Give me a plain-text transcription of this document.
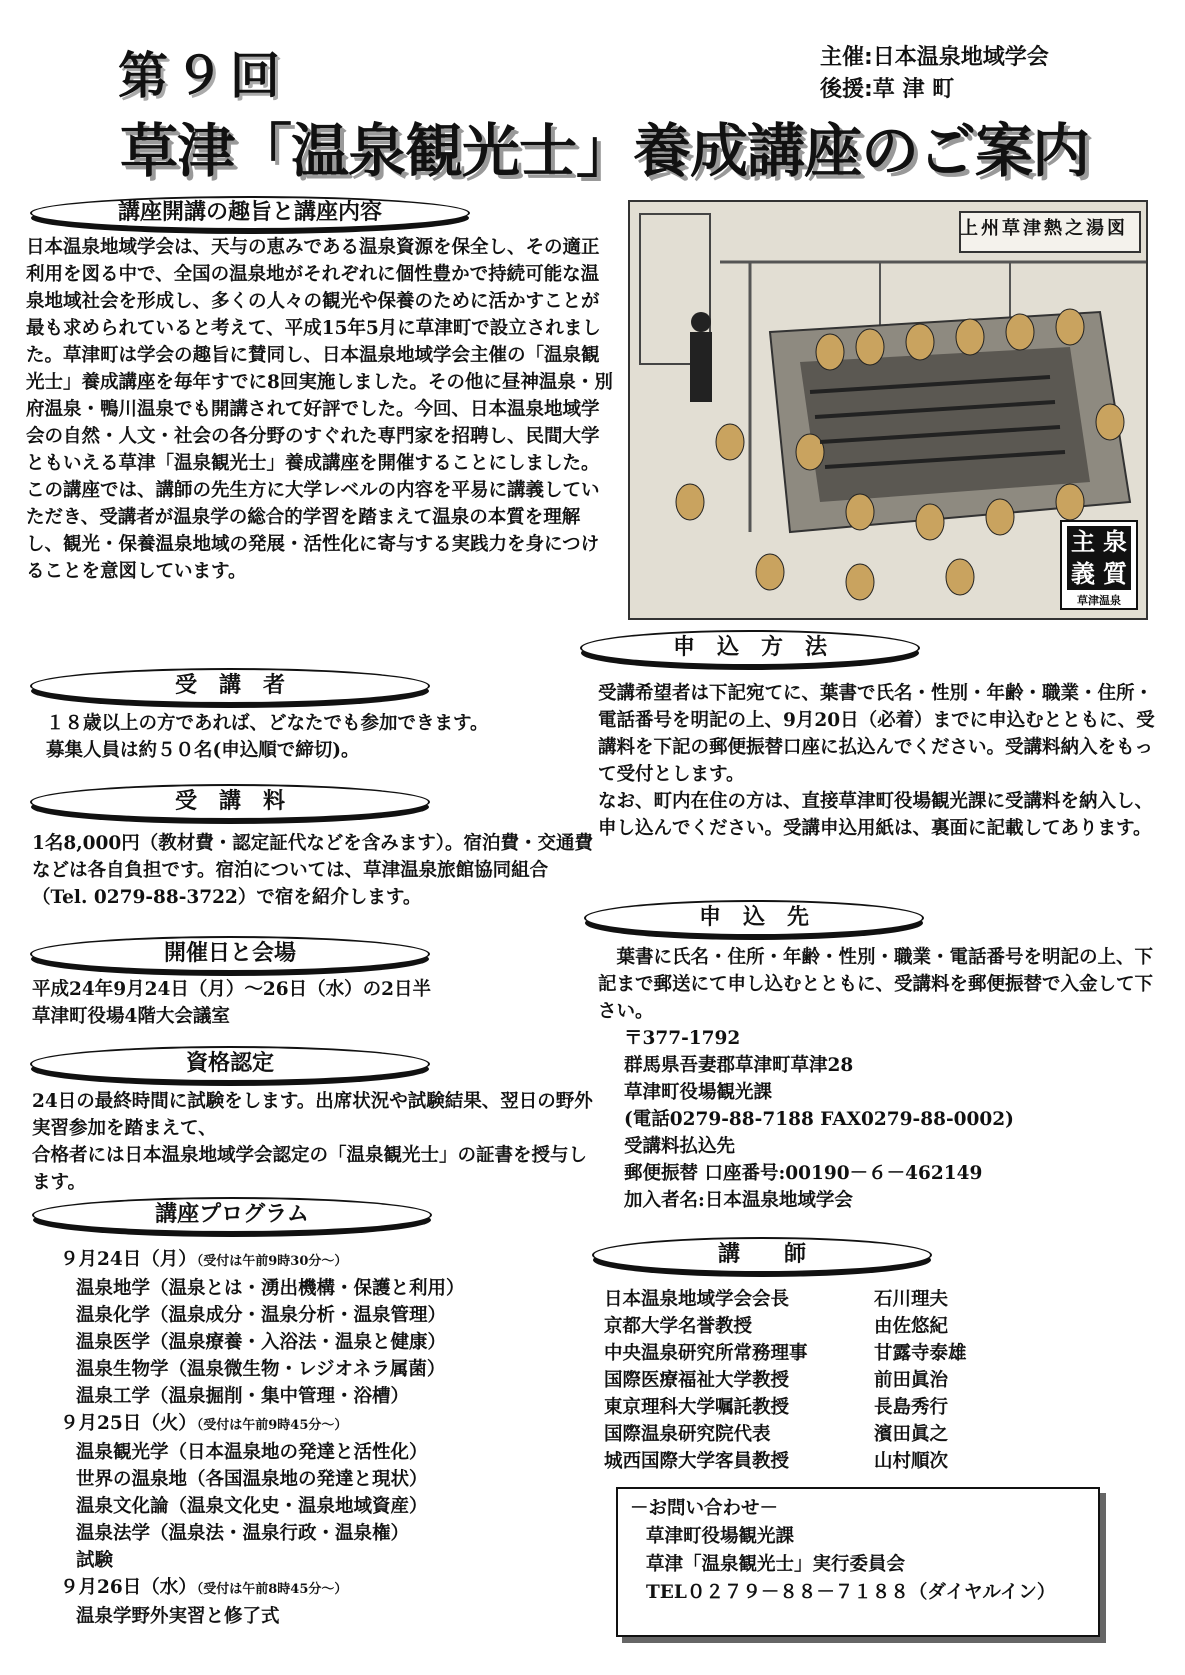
第９回
草津「温泉観光士」養成講座のご案内
主催:日本温泉地域学会
後援:草 津 町
講座開講の趣旨と講座内容
日本温泉地域学会は、天与の恵みである温泉資源を保全し、その適正利用を図る中で、全国の温泉地がそれぞれに個性豊かで持続可能な温泉地域社会を形成し、多くの人々の観光や保養のために活かすことが最も求められていると考えて、平成15年5月に草津町で設立されました。草津町は学会の趣旨に賛同し、日本温泉地域学会主催の「温泉観光士」養成講座を毎年すでに8回実施しました。その他に昼神温泉・別府温泉・鴨川温泉でも開講されて好評でした。今回、日本温泉地域学会の自然・人文・社会の各分野のすぐれた専門家を招聘し、民間大学ともいえる草津「温泉観光士」養成講座を開催することにしました。この講座では、講師の先生方に大学レベルの内容を平易に講義していただき、受講者が温泉学の総合的学習を踏まえて温泉の本質を理解し、観光・保養温泉地域の発展・活性化に寄与する実践力を身につけることを意図しています。
主 泉
義 質
草津温泉
上州草津熱之湯図
受　講　者

１８歳以上の方であれば、どなたでも参加できます。

募集人員は約５０名(申込順で締切)。

受　講　料
1名8,000円（教材費・認定証代などを含みます）。宿泊費・交通費などは各自負担です。宿泊については、草津温泉旅館協同組合（Tel. 0279-88-3722）で宿を紹介します。
開催日と会場

平成24年9月24日（月）～26日（水）の2日半

草津町役場4階大会議室

資格認定

24日の最終時間に試験をします。出席状況や試験結果、翌日の野外実習参加を踏まえて、

合格者には日本温泉地域学会認定の「温泉観光士」の証書を授与します。

講座プログラム

９月24日（月）（受付は午前9時30分～）

温泉地学（温泉とは・湧出機構・保護と利用）

温泉化学（温泉成分・温泉分析・温泉管理）

温泉医学（温泉療養・入浴法・温泉と健康）

温泉生物学（温泉微生物・レジオネラ属菌）

温泉工学（温泉掘削・集中管理・浴槽）

９月25日（火）（受付は午前9時45分～）

温泉観光学（日本温泉地の発達と活性化）

世界の温泉地（各国温泉地の発達と現状）

温泉文化論（温泉文化史・温泉地域資産）

温泉法学（温泉法・温泉行政・温泉権）

試験

９月26日（水）（受付は午前8時45分～）

温泉学野外実習と修了式

申　込　方　法

受講希望者は下記宛てに、葉書で氏名・性別・年齢・職業・住所・電話番号を明記の上、9月20日（必着）までに申込むとともに、受講料を下記の郵便振替口座に払込んでください。受講料納入をもって受付とします。

なお、町内在住の方は、直接草津町役場観光課に受講料を納入し、申し込んでください。受講申込用紙は、裏面に記載してあります。

申　込　先

葉書に氏名・住所・年齢・性別・職業・電話番号を明記の上、下記まで郵送にて申し込むとともに、受講料を郵便振替で入金して下さい。

〒377-1792

群馬県吾妻郡草津町草津28

草津町役場観光課

(電話0279-88-7188 FAX0279-88-0002)

受講料払込先

郵便振替 口座番号:00190－６－462149

加入者名:日本温泉地域学会

講　　師
日本温泉地域学会会長	石川理夫
京都大学名誉教授	由佐悠紀
中央温泉研究所常務理事	甘露寺泰雄
国際医療福祉大学教授	前田眞治
東京理科大学嘱託教授	長島秀行
国際温泉研究院代表	濱田眞之
城西国際大学客員教授	山村順次

－お問い合わせ－

草津町役場観光課

草津「温泉観光士」実行委員会

TEL０２７９－８８－７１８８（ダイヤルイン）
